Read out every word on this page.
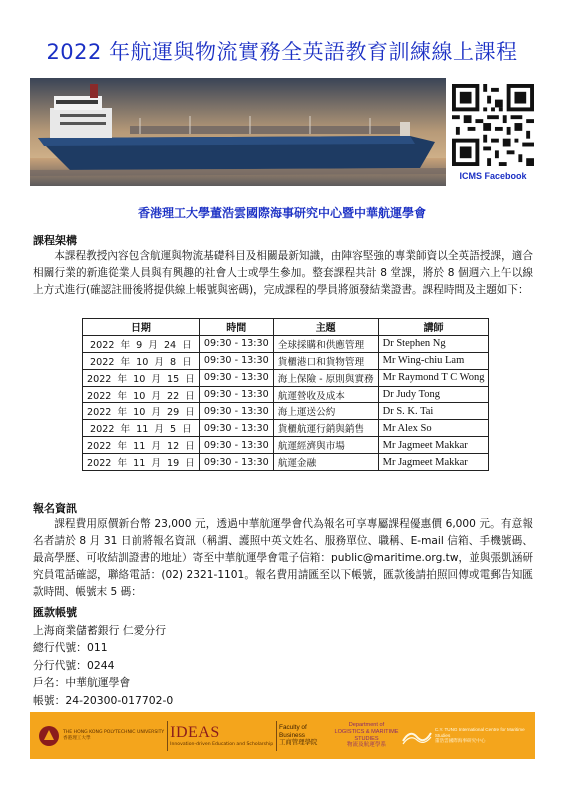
2022 年航運與物流實務全英語教育訓練線上課程
ICMS Facebook
香港理工大學董浩雲國際海事研究中心暨中華航運學會
課程架構
本課程教授內容包含航運與物流基礎科目及相關最新知識，由陣容堅強的專業師資以全英語授課，適合相關行業的新進從業人員與有興趣的社會人士或學生參加。整套課程共計 8 堂課，將於 8 個週六上午以線上方式進行(確認註冊後將提供線上帳號與密碼)，完成課程的學員將頒發結業證書。課程時間及主題如下：
日期	時間	主題	講師
2022 年 9 月 24 日	09:30 - 13:30	全球採購和供應管理	Dr Stephen Ng
2022 年 10 月 8 日	09:30 - 13:30	貨櫃港口和貨物管理	Mr Wing-chiu Lam
2022 年 10 月 15 日	09:30 - 13:30	海上保險 - 原則與實務	Mr Raymond T C Wong
2022 年 10 月 22 日	09:30 - 13:30	航運營收及成本	Dr Judy Tong
2022 年 10 月 29 日	09:30 - 13:30	海上運送公約	Dr S. K. Tai
2022 年 11 月 5 日	09:30 - 13:30	貨櫃航運行銷與銷售	Mr Alex So
2022 年 11 月 12 日	09:30 - 13:30	航運經濟與市場	Mr Jagmeet Makkar
2022 年 11 月 19 日	09:30 - 13:30	航運金融	Mr Jagmeet Makkar
報名資訊
課程費用原價新台幣 23,000 元，透過中華航運學會代為報名可享專屬課程優惠價 6,000 元。有意報名者請於 8 月 31 日前將報名資訊（稱謂、護照中英文姓名、服務單位、職稱、E-mail 信箱、手機號碼、最高學歷、可收結訓證書的地址）寄至中華航運學會電子信箱：public@maritime.org.tw，並與張凱涵研究員電話確認，聯絡電話：(02) 2321-1101。報名費用請匯至以下帳號，匯款後請拍照回傳或電郵告知匯款時間、帳號末 5 碼：
匯款帳號
上海商業儲蓄銀行 仁愛分行
總行代號：011
分行代號：0244
戶名：中華航運學會
帳號：24-20300-017702-0
THE HONG KONG POLYTECHNIC UNIVERSITY
香港理工大學	IDEAS
Innovation-driven Education and Scholarship
Faculty of Business
工商管理學院
Department of LOGISTICS & MARITIME STUDIES
物流及航運學系
C.Y. TUNG International Centre for Maritime Studies
董浩雲國際海事研究中心
